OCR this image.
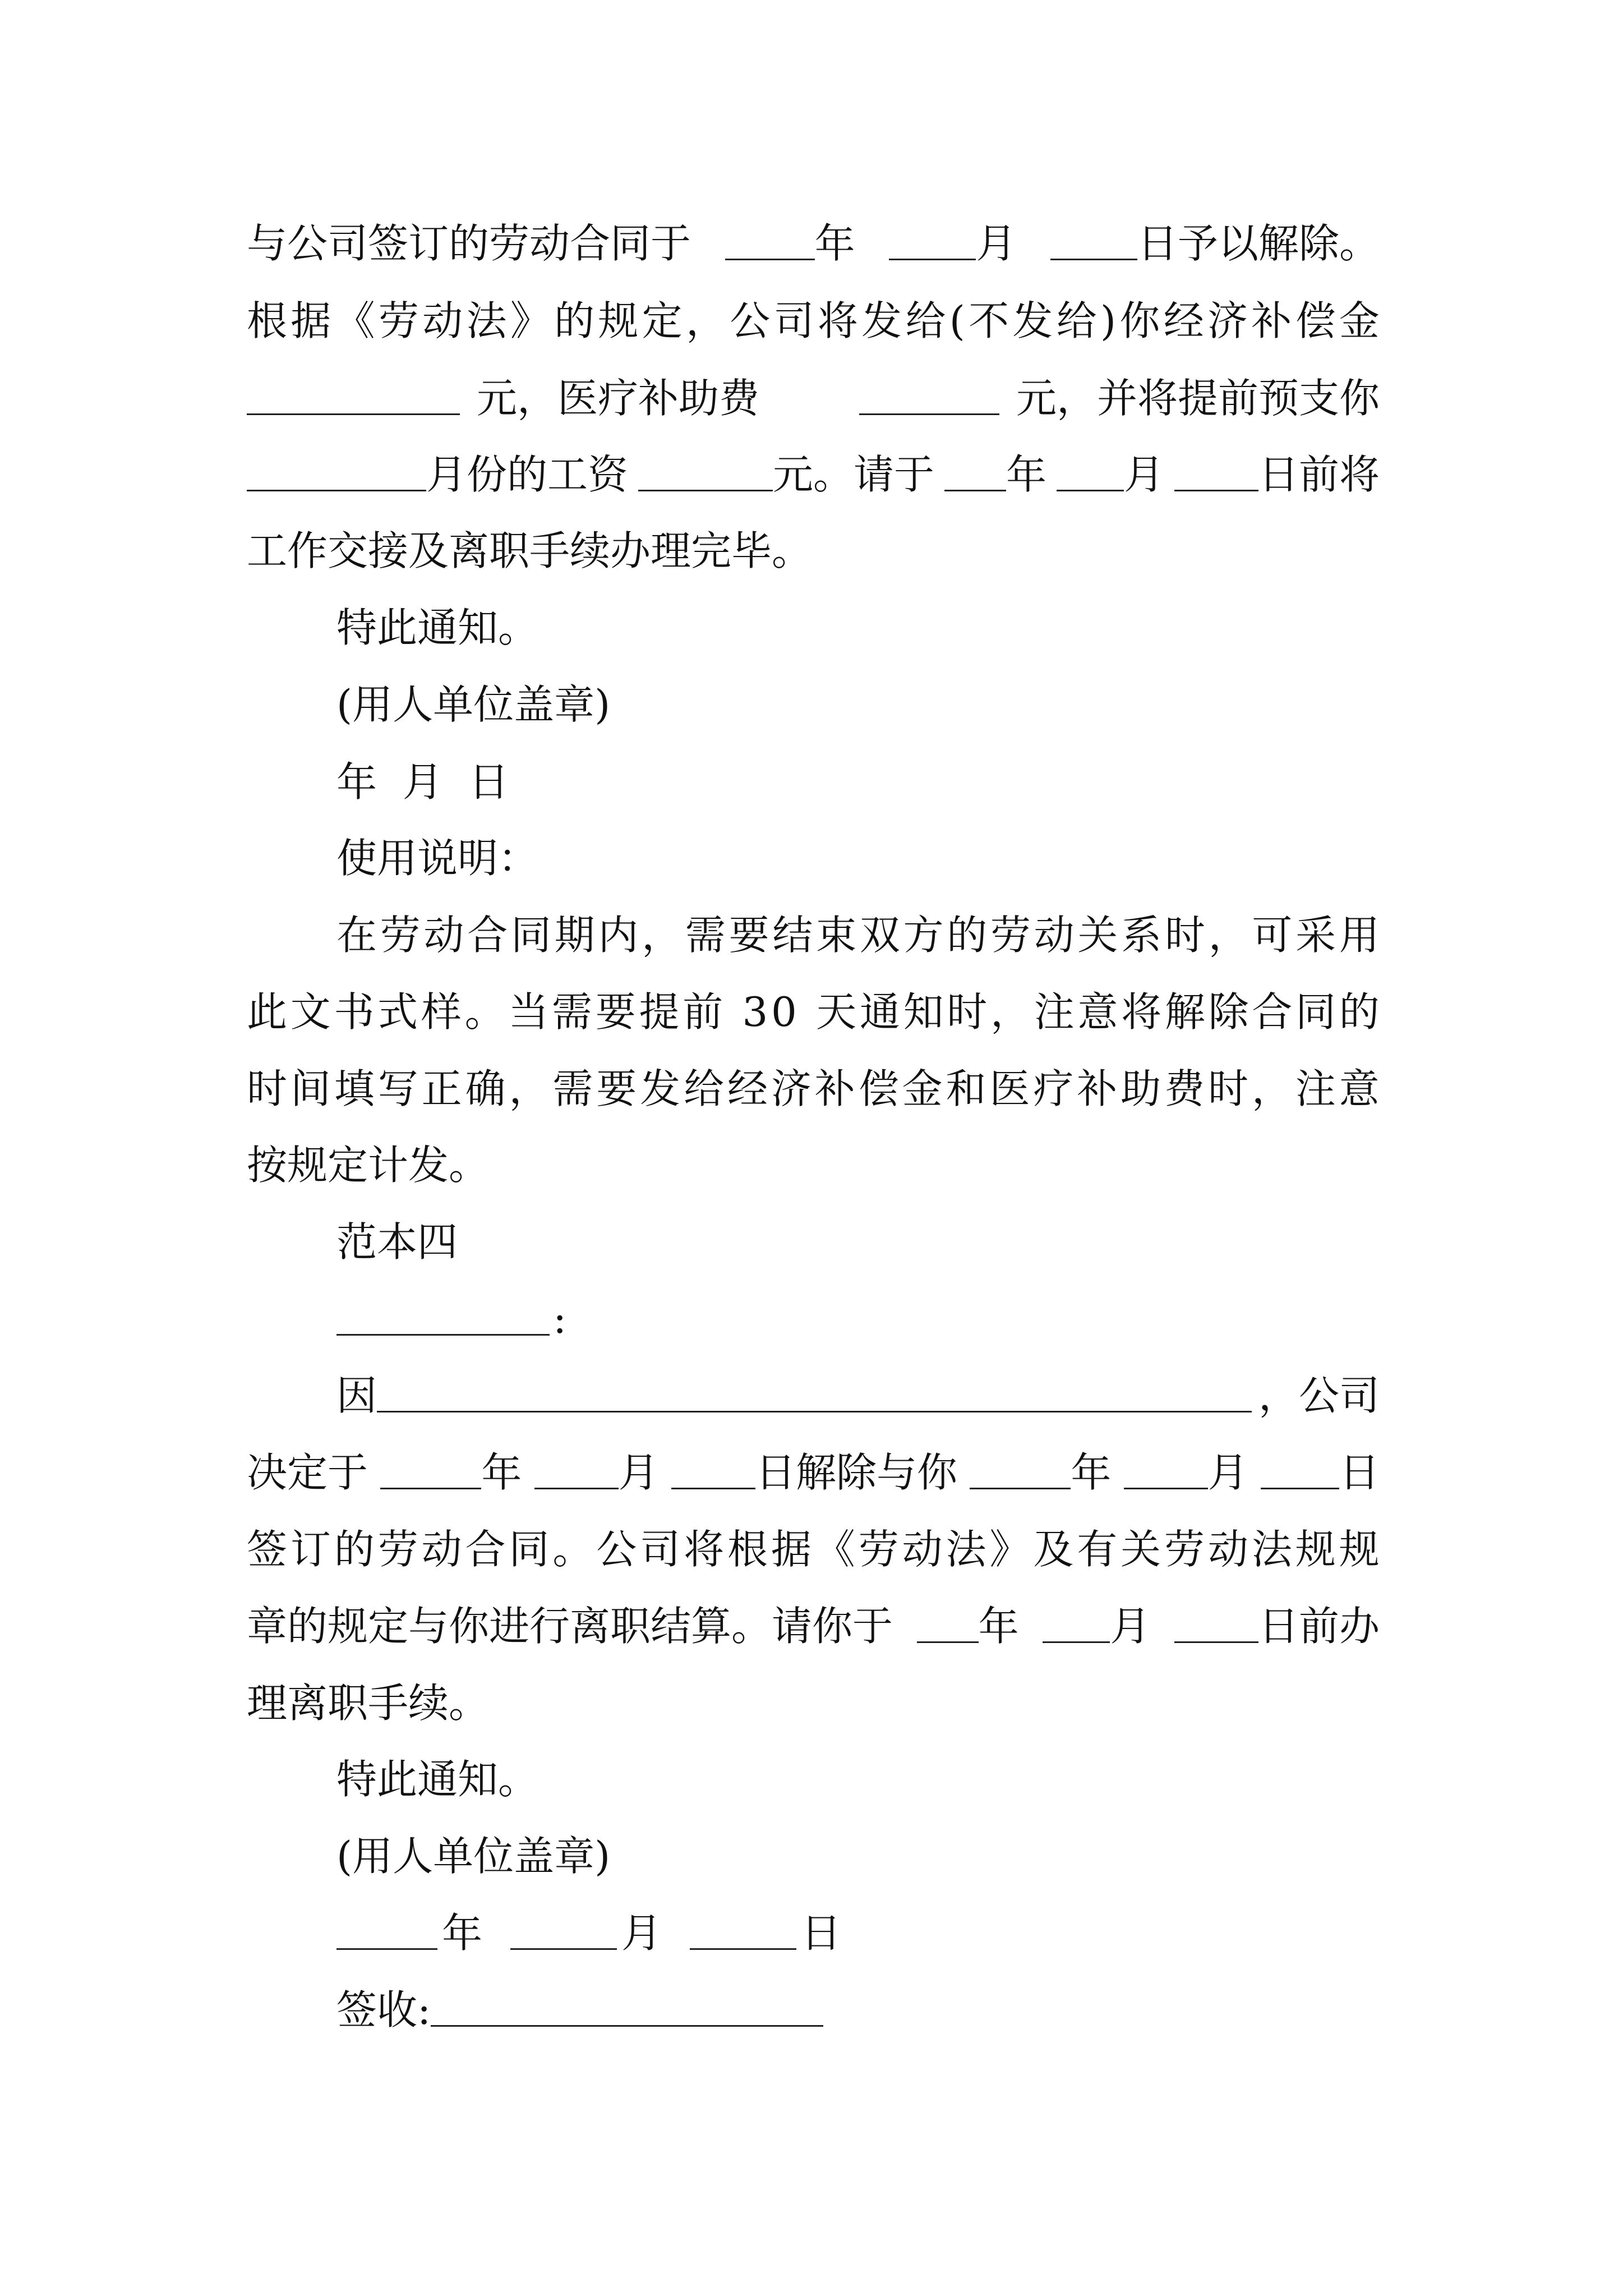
与公司签订的劳动合同于	年	月	日予以解除。
根 据 《 劳 动 法 》 的 规 定 ， 公 司 将 发 给 ( 不 发 给 ) 你 经 济 补 偿 金
元，医疗补助费	元，并将提前预支你
月份的工资	元。请于 年 月 日前将
工作交接及离职手续办理完毕。
特此通知。
(用人单位盖章)
年  月  日
使用说明：
在 劳 动 合 同 期 内 ， 需 要 结 束 双 方 的 劳 动 关 系 时 ， 可 采 用
此 文 书 式 样 。 当 需 要 提 前
3 0
天 通 知 时 ， 注 意 将 解 除 合 同 的
时 间 填 写 正 确 ， 需 要 发 给 经 济 补 偿 金 和 医 疗 补 助 费 时 ， 注 意
按规定计发。
范本四
:
因	，公司
决定于	年 月 日解除与你	年 月 日
签 订 的 劳 动 合 同 。 公 司 将 根 据 《 劳 动 法 》 及 有 关 劳 动 法 规 规
章的规定与你进行离职结算。请你于 年 月	日前办
理离职手续。
特此通知。
(用人单位盖章)
年	月	日
签收:
